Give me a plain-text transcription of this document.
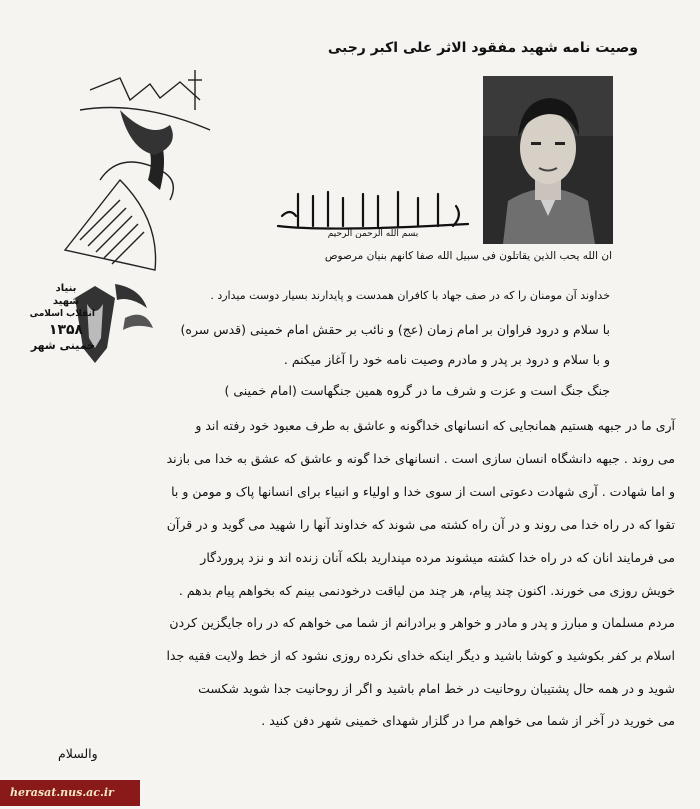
وصیت نامه شهید مفقود الاثر علی اکبر رجبی
بسم الله الرحمن الرحیم
بنیاد
شهید
انقلاب اسلامی
۱۳۵۸
خمینی شهر
ان الله یحب الذین یقاتلون فی سبیل الله صفا کانهم بنیان مرصوص
خداوند آن مومنان را که در صف جهاد با کافران همدست و پایدارند بسیار دوست میدارد .
با سلام و درود فراوان بر امام زمان (عج) و نائب بر حقش امام خمینی (قدس سره)
و با سلام و درود بر پدر و مادرم وصیت نامه خود را آغاز میکنم .
جنگ جنگ است و عزت و شرف ما در گروه همین جنگهاست (امام خمینی )
آری ما در جبهه هستیم همانجایی که انسانهای خداگونه و عاشق به طرف معبود خود رفته اند و
می روند . جبهه دانشگاه انسان سازی است . انسانهای خدا گونه و عاشق که عشق به خدا می بازند
و اما شهادت . آری شهادت دعوتی است از سوی خدا و اولیاء و انبیاء برای انسانها پاک و مومن و با
تقوا که در راه خدا می روند و در آن راه کشته می شوند که خداوند آنها را شهید می گوید و در قرآن
می فرمایند انان که در راه خدا کشته میشوند مرده مپندارید بلکه آنان زنده اند و نزد پروردگار
خویش روزی می خورند. اکنون چند پیام، هر چند من لیاقت درخودنمی بینم که بخواهم پیام بدهم .
مردم مسلمان و مبارز و پدر و مادر و خواهر و برادرانم از شما می خواهم که در راه جایگزین کردن
اسلام بر کفر بکوشید و کوشا باشید و دیگر اینکه خدای نکرده روزی نشود که از خط ولایت فقیه جدا
شوید و در همه حال پشتیبان روحانیت در خط امام باشید و اگر از روحانیت جدا شوید شکست
می خورید در آخر از شما می خواهم مرا در گلزار شهدای خمینی شهر دفن کنید .
والسلام
herasat.nus.ac.ir
